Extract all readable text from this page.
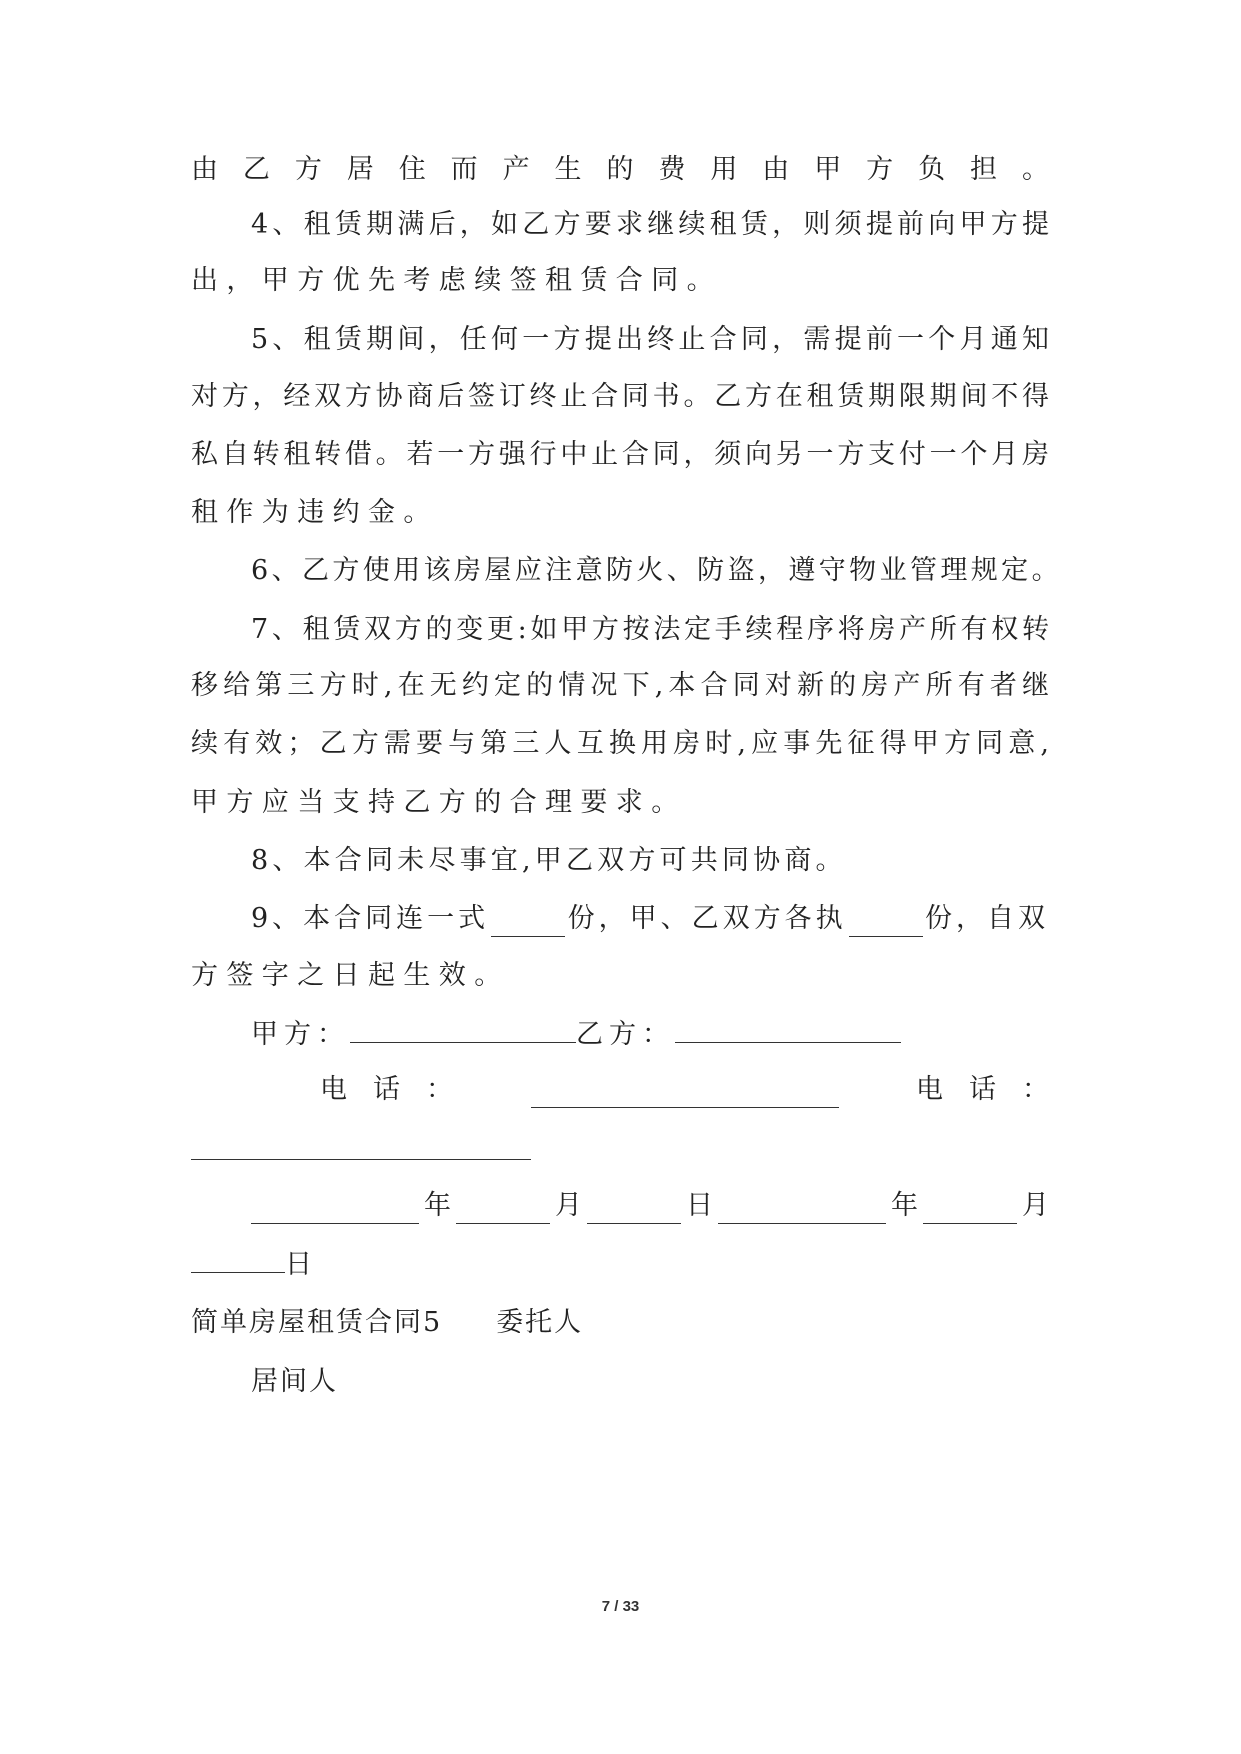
由乙方居住而产生的费用由甲方负担。
4、租赁期满后，如乙方要求继续租赁，则须提前向甲方提
出，甲方优先考虑续签租赁合同。
5、租赁期间，任何一方提出终止合同，需提前一个月通知
对方，经双方协商后签订终止合同书。乙方在租赁期限期间不得
私自转租转借。若一方强行中止合同，须向另一方支付一个月房
租作为违约金。
6、乙方使用该房屋应注意防火、防盗，遵守物业管理规定。
7、租赁双方的变更:如甲方按法定手续程序将房产所有权转
移给第三方时,在无约定的情况下,本合同对新的房产所有者继
续有效；乙方需要与第三人互换用房时,应事先征得甲方同意,
甲方应当支持乙方的合理要求。
8、本合同未尽事宜,甲乙双方可共同协商。
9、本合同连一式	份，甲、乙双方各执	份，自双
方签字之日起生效。
甲方：	乙方：
电 话 ：	电 话 ：
年	月	日	年	月
日
简单房屋租赁合同5 委托人
居间人
7 / 33
